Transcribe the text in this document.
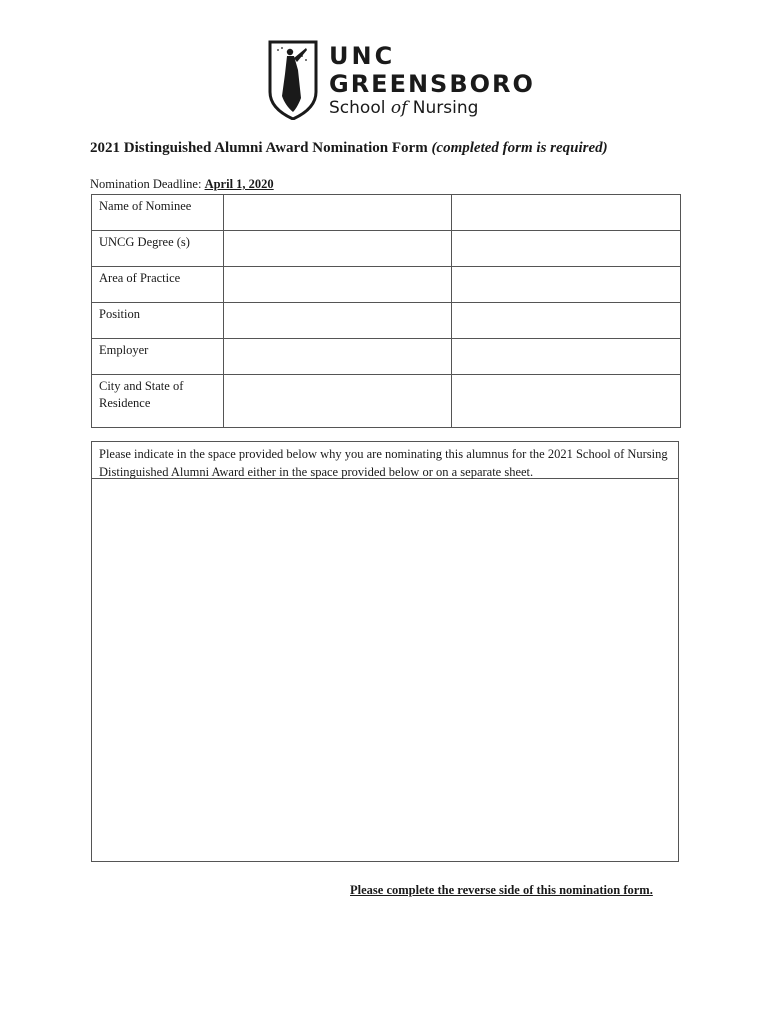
UNC
GREENSBORO
School of Nursing
2021 Distinguished Alumni Award Nomination Form (completed form is required)
Nomination Deadline: April 1, 2020
Name of Nominee		

UNCG Degree (s)		

Area of Practice		

Position		

Employer		

City and State of Residence		

Please indicate in the space provided below why you are nominating this alumnus for the 2021 School of Nursing Distinguished Alumni Award either in the space provided below or on a separate sheet.
Please complete the reverse side of this nomination form.
